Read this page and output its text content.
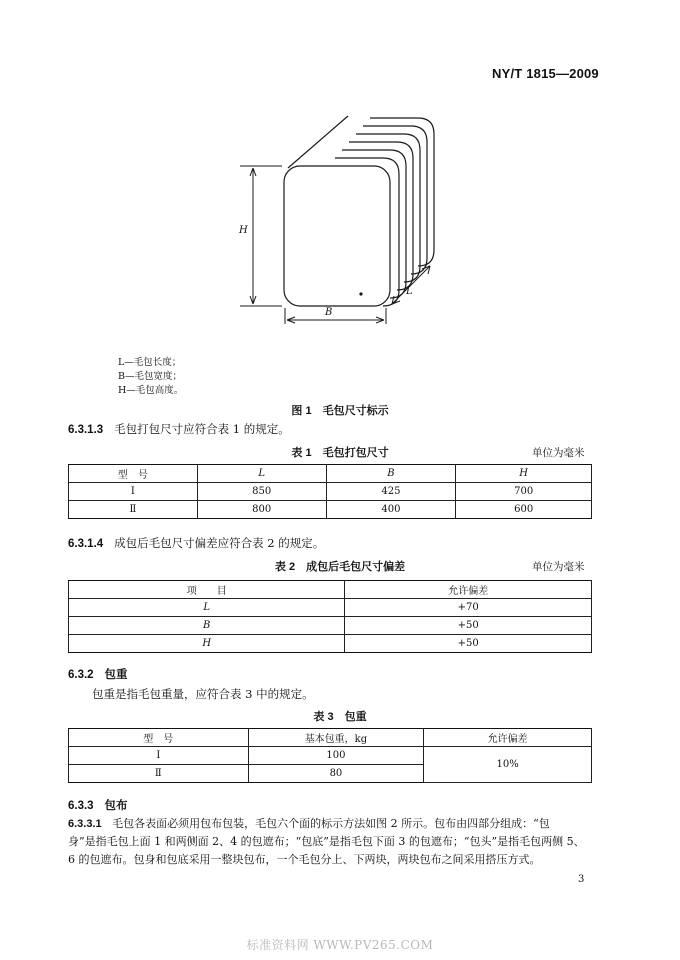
NY/T 1815—2009
H
B
L
L—毛包长度；
B—毛包宽度；
H—毛包高度。
图 1　毛包尺寸标示
6.3.1.3 毛包打包尺寸应符合表 1 的规定。
表 1　毛包打包尺寸	单位为毫米
型　号	L	B	H
Ⅰ	850	425	700
Ⅱ	800	400	600
6.3.1.4 成包后毛包尺寸偏差应符合表 2 的规定。
表 2　成包后毛包尺寸偏差	单位为毫米
项　　目	允许偏差
L	+70
B	+50
H	+50
6.3.2 包重
包重是指毛包重量，应符合表 3 中的规定。
表 3　包重
型　号	基本包重，kg	允许偏差
Ⅰ	100	10%
Ⅱ	80	
6.3.3 包布
6.3.3.1 毛包各表面必须用包布包装，毛包六个面的标示方法如图 2 所示。包布由四部分组成：“包
身”是指毛包上面 1 和两侧面 2、4 的包遮布；“包底”是指毛包下面 3 的包遮布；“包头”是指毛包两侧 5、
6 的包遮布。包身和包底采用一整块包布，一个毛包分上、下两块，两块包布之间采用搭压方式。
3
标准资料网 WWW.PV265.COM
